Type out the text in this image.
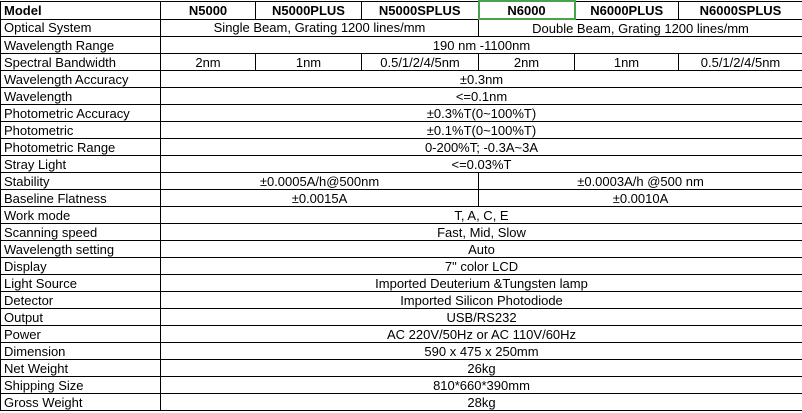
Model	N5000	N5000PLUS	N5000SPLUS	N6000	N6000PLUS	N6000SPLUS
Optical System	Single Beam, Grating 1200 lines/mm			Double Beam, Grating 1200 lines/mm		
Wavelength Range	190 nm -1100nm					
Spectral Bandwidth	2nm	1nm	0.5/1/2/4/5nm	2nm	1nm	0.5/1/2/4/5nm
Wavelength Accuracy	±0.3nm					
Wavelength	<=0.1nm					
Photometric Accuracy	±0.3%T(0~100%T)					
Photometric	±0.1%T(0~100%T)					
Photometric Range	0-200%T; -0.3A~3A					
Stray Light	<=0.03%T					
Stability	±0.0005A/h@500nm			±0.0003A/h @500 nm		
Baseline Flatness	±0.0015A			±0.0010A		
Work mode	T, A, C, E					
Scanning speed	Fast, Mid, Slow					
Wavelength setting	Auto					
Display	7" color LCD					
Light Source	Imported Deuterium &Tungsten lamp					
Detector	Imported Silicon Photodiode					
Output	USB/RS232					
Power	AC 220V/50Hz or AC 110V/60Hz					
Dimension	590 x 475 x 250mm					
Net Weight	26kg					
Shipping Size	810*660*390mm					
Gross Weight	28kg					
